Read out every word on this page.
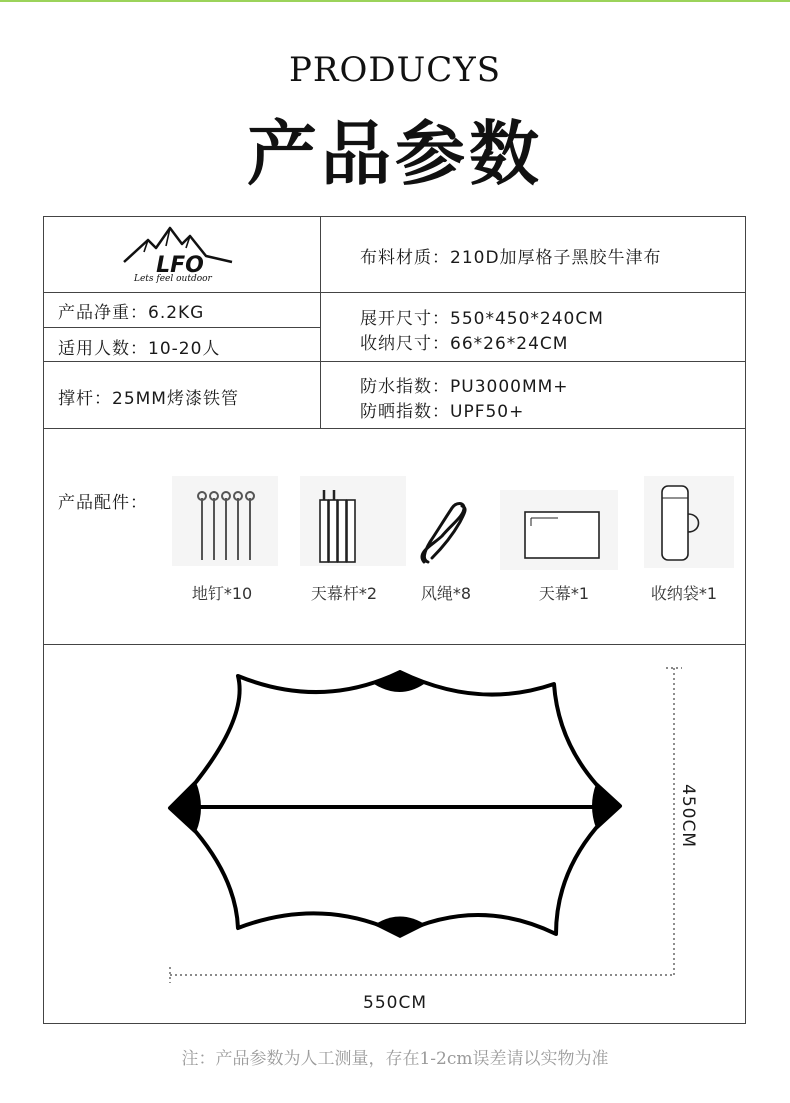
PRODUCYS
产品参数
LFO
Lets feel outdoor
布料材质：210D加厚格子黑胶牛津布
产品净重：6.2KG
适用人数：10-20人
展开尺寸：550*450*240CM
收纳尺寸：66*26*24CM
撑杆：25MM烤漆铁管
防水指数：PU3000MM+
防晒指数：UPF50+
产品配件：
地钉*10	天幕杆*2	风绳*8	天幕*1	收纳袋*1
450CM
550CM
注：产品参数为人工测量，存在1-2cm误差请以实物为准
